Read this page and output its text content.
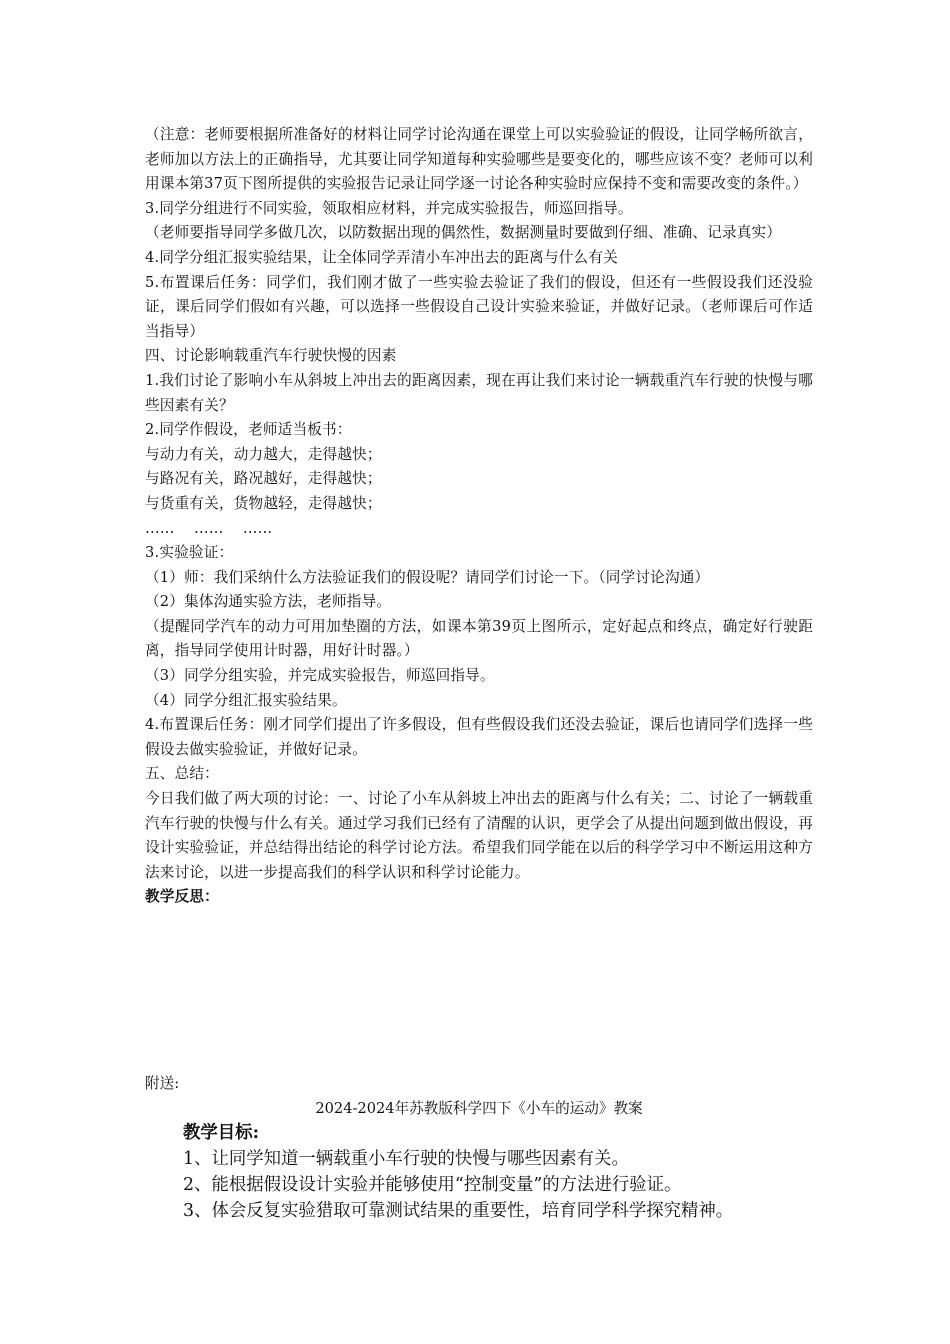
（注意：老师要根据所准备好的材料让同学讨论沟通在课堂上可以实验验证的假设，让同学畅所欲言，老师加以方法上的正确指导，尤其要让同学知道每种实验哪些是要变化的，哪些应该不变？老师可以利用课本第37页下图所提供的实验报告记录让同学逐一讨论各种实验时应保持不变和需要改变的条件。）

3.同学分组进行不同实验，领取相应材料，并完成实验报告，师巡回指导。

（老师要指导同学多做几次，以防数据出现的偶然性，数据测量时要做到仔细、准确、记录真实）

4.同学分组汇报实验结果，让全体同学弄清小车冲出去的距离与什么有关

5.布置课后任务：同学们，我们刚才做了一些实验去验证了我们的假设，但还有一些假设我们还没验证，课后同学们假如有兴趣，可以选择一些假设自己设计实验来验证，并做好记录。（老师课后可作适当指导）

四、讨论影响载重汽车行驶快慢的因素

1.我们讨论了影响小车从斜坡上冲出去的距离因素，现在再让我们来讨论一辆载重汽车行驶的快慢与哪些因素有关？

2.同学作假设，老师适当板书：

与动力有关，动力越大，走得越快；

与路况有关，路况越好，走得越快；

与货重有关，货物越轻，走得越快；

……    ……    ……

3.实验验证：

（1）师：我们采纳什么方法验证我们的假设呢？请同学们讨论一下。（同学讨论沟通）

（2）集体沟通实验方法，老师指导。

（提醒同学汽车的动力可用加垫圈的方法，如课本第39页上图所示，定好起点和终点，确定好行驶距离，指导同学使用计时器，用好计时器。）

（3）同学分组实验，并完成实验报告，师巡回指导。

（4）同学分组汇报实验结果。

4.布置课后任务：刚才同学们提出了许多假设，但有些假设我们还没去验证，课后也请同学们选择一些假设去做实验验证，并做好记录。

五、总结：

今日我们做了两大项的讨论：一、讨论了小车从斜坡上冲出去的距离与什么有关；二、讨论了一辆载重汽车行驶的快慢与什么有关。通过学习我们已经有了清醒的认识，更学会了从提出问题到做出假设，再设计实验验证，并总结得出结论的科学讨论方法。希望我们同学能在以后的科学学习中不断运用这种方法来讨论，以进一步提高我们的科学认识和科学讨论能力。

教学反思：

附送:
2024-2024年苏教版科学四下《小车的运动》教案

教学目标:

1、让同学知道一辆载重小车行驶的快慢与哪些因素有关。

2、能根据假设设计实验并能够使用“控制变量”的方法进行验证。

3、体会反复实验猎取可靠测试结果的重要性，培育同学科学探究精神。
